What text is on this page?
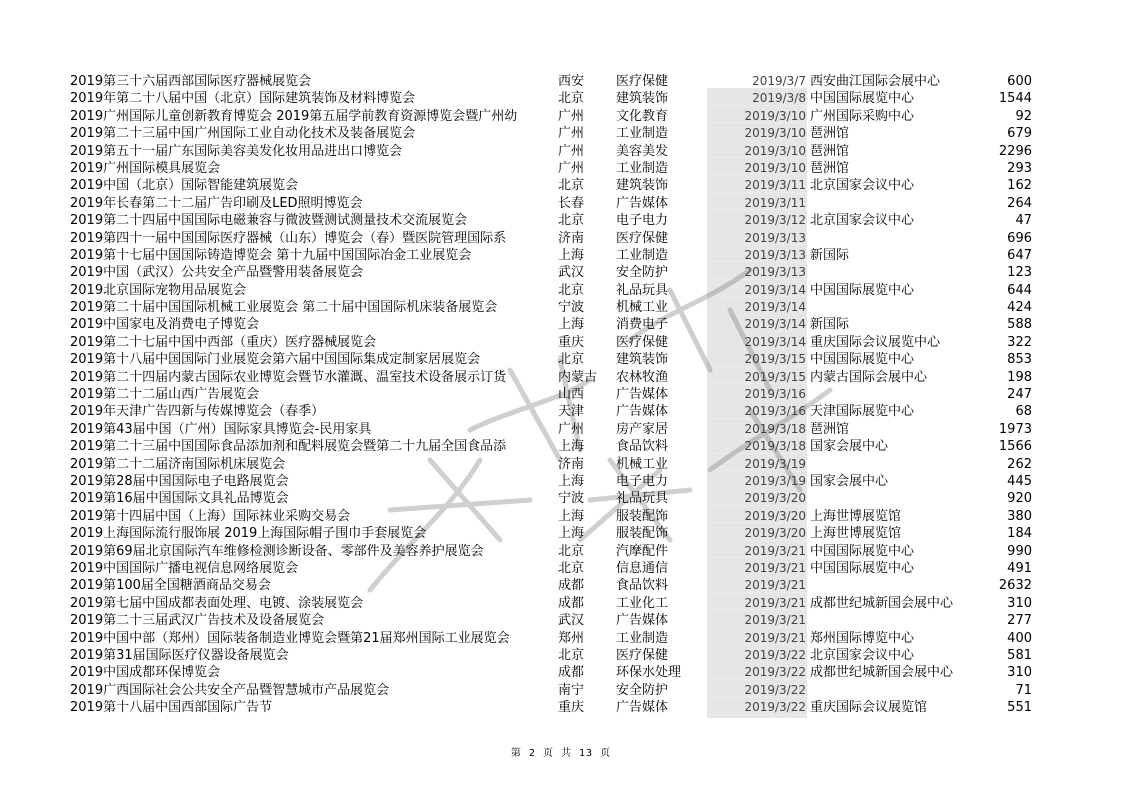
2019第三十六届西部国际医疗器械展览会	西安	医疗保健	2019/3/7 西安曲江国际会展中心	600
2019年第二十八届中国（北京）国际建筑装饰及材料博览会	北京	建筑装饰	2019/3/8 中国国际展览中心	1544
2019广州国际儿童创新教育博览会 2019第五届学前教育资源博览会暨广州幼	广州	文化教育	2019/3/10 广州国际采购中心	92
2019第二十三届中国广州国际工业自动化技术及装备展览会	广州	工业制造	2019/3/10 琶洲馆	679
2019第五十一届广东国际美容美发化妆用品进出口博览会	广州	美容美发	2019/3/10 琶洲馆	2296
2019广州国际模具展览会	广州	工业制造	2019/3/10 琶洲馆	293
2019中国（北京）国际智能建筑展览会	北京	建筑装饰	2019/3/11 北京国家会议中心	162
2019年长春第二十二届广告印刷及LED照明博览会	长春	广告媒体	2019/3/11	264
2019第二十四届中国国际电磁兼容与微波暨测试测量技术交流展览会	北京	电子电力	2019/3/12 北京国家会议中心	47
2019第四十一届中国国际医疗器械（山东）博览会（春）暨医院管理国际系	济南	医疗保健	2019/3/13	696
2019第十七届中国国际铸造博览会 第十九届中国国际冶金工业展览会	上海	工业制造	2019/3/13 新国际	647
2019中国（武汉）公共安全产品暨警用装备展览会	武汉	安全防护	2019/3/13	123
2019北京国际宠物用品展览会	北京	礼品玩具	2019/3/14 中国国际展览中心	644
2019第二十届中国国际机械工业展览会 第二十届中国国际机床装备展览会	宁波	机械工业	2019/3/14	424
2019中国家电及消费电子博览会	上海	消费电子	2019/3/14 新国际	588
2019第二十七届中国中西部（重庆）医疗器械展览会	重庆	医疗保健	2019/3/14 重庆国际会议展览中心	322
2019第十八届中国国际门业展览会第六届中国国际集成定制家居展览会	北京	建筑装饰	2019/3/15 中国国际展览中心	853
2019第二十四届内蒙古国际农业博览会暨节水灌溉、温室技术设备展示订货	内蒙古	农林牧渔	2019/3/15 内蒙古国际会展中心	198
2019第二十二届山西广告展览会	山西	广告媒体	2019/3/16	247
2019年天津广告四新与传媒博览会（春季）	天津	广告媒体	2019/3/16 天津国际展览中心	68
2019第43届中国（广州）国际家具博览会-民用家具	广州	房产家居	2019/3/18 琶洲馆	1973
2019第二十三届中国国际食品添加剂和配料展览会暨第二十九届全国食品添	上海	食品饮料	2019/3/18 国家会展中心	1566
2019第二十二届济南国际机床展览会	济南	机械工业	2019/3/19	262
2019第28届中国国际电子电路展览会	上海	电子电力	2019/3/19 国家会展中心	445
2019第16届中国国际文具礼品博览会	宁波	礼品玩具	2019/3/20	920
2019第十四届中国（上海）国际袜业采购交易会	上海	服装配饰	2019/3/20 上海世博展览馆	380
2019上海国际流行服饰展 2019上海国际帽子围巾手套展览会	上海	服装配饰	2019/3/20 上海世博展览馆	184
2019第69届北京国际汽车维修检测诊断设备、零部件及美容养护展览会	北京	汽摩配件	2019/3/21 中国国际展览中心	990
2019中国国际广播电视信息网络展览会	北京	信息通信	2019/3/21 中国国际展览中心	491
2019第100届全国糖酒商品交易会	成都	食品饮料	2019/3/21	2632
2019第七届中国成都表面处理、电镀、涂装展览会	成都	工业化工	2019/3/21 成都世纪城新国会展中心	310
2019第二十三届武汉广告技术及设备展览会	武汉	广告媒体	2019/3/21	277
2019中国中部（郑州）国际装备制造业博览会暨第21届郑州国际工业展览会	郑州	工业制造	2019/3/21 郑州国际博览中心	400
2019第31届国际医疗仪器设备展览会	北京	医疗保健	2019/3/22 北京国家会议中心	581
2019中国成都环保博览会	成都	环保水处理	2019/3/22 成都世纪城新国会展中心	310
2019广西国际社会公共安全产品暨智慧城市产品展览会	南宁	安全防护	2019/3/22	71
2019第十八届中国西部国际广告节	重庆	广告媒体	2019/3/22 重庆国际会议展览馆	551
第 2 页 共 13 页
